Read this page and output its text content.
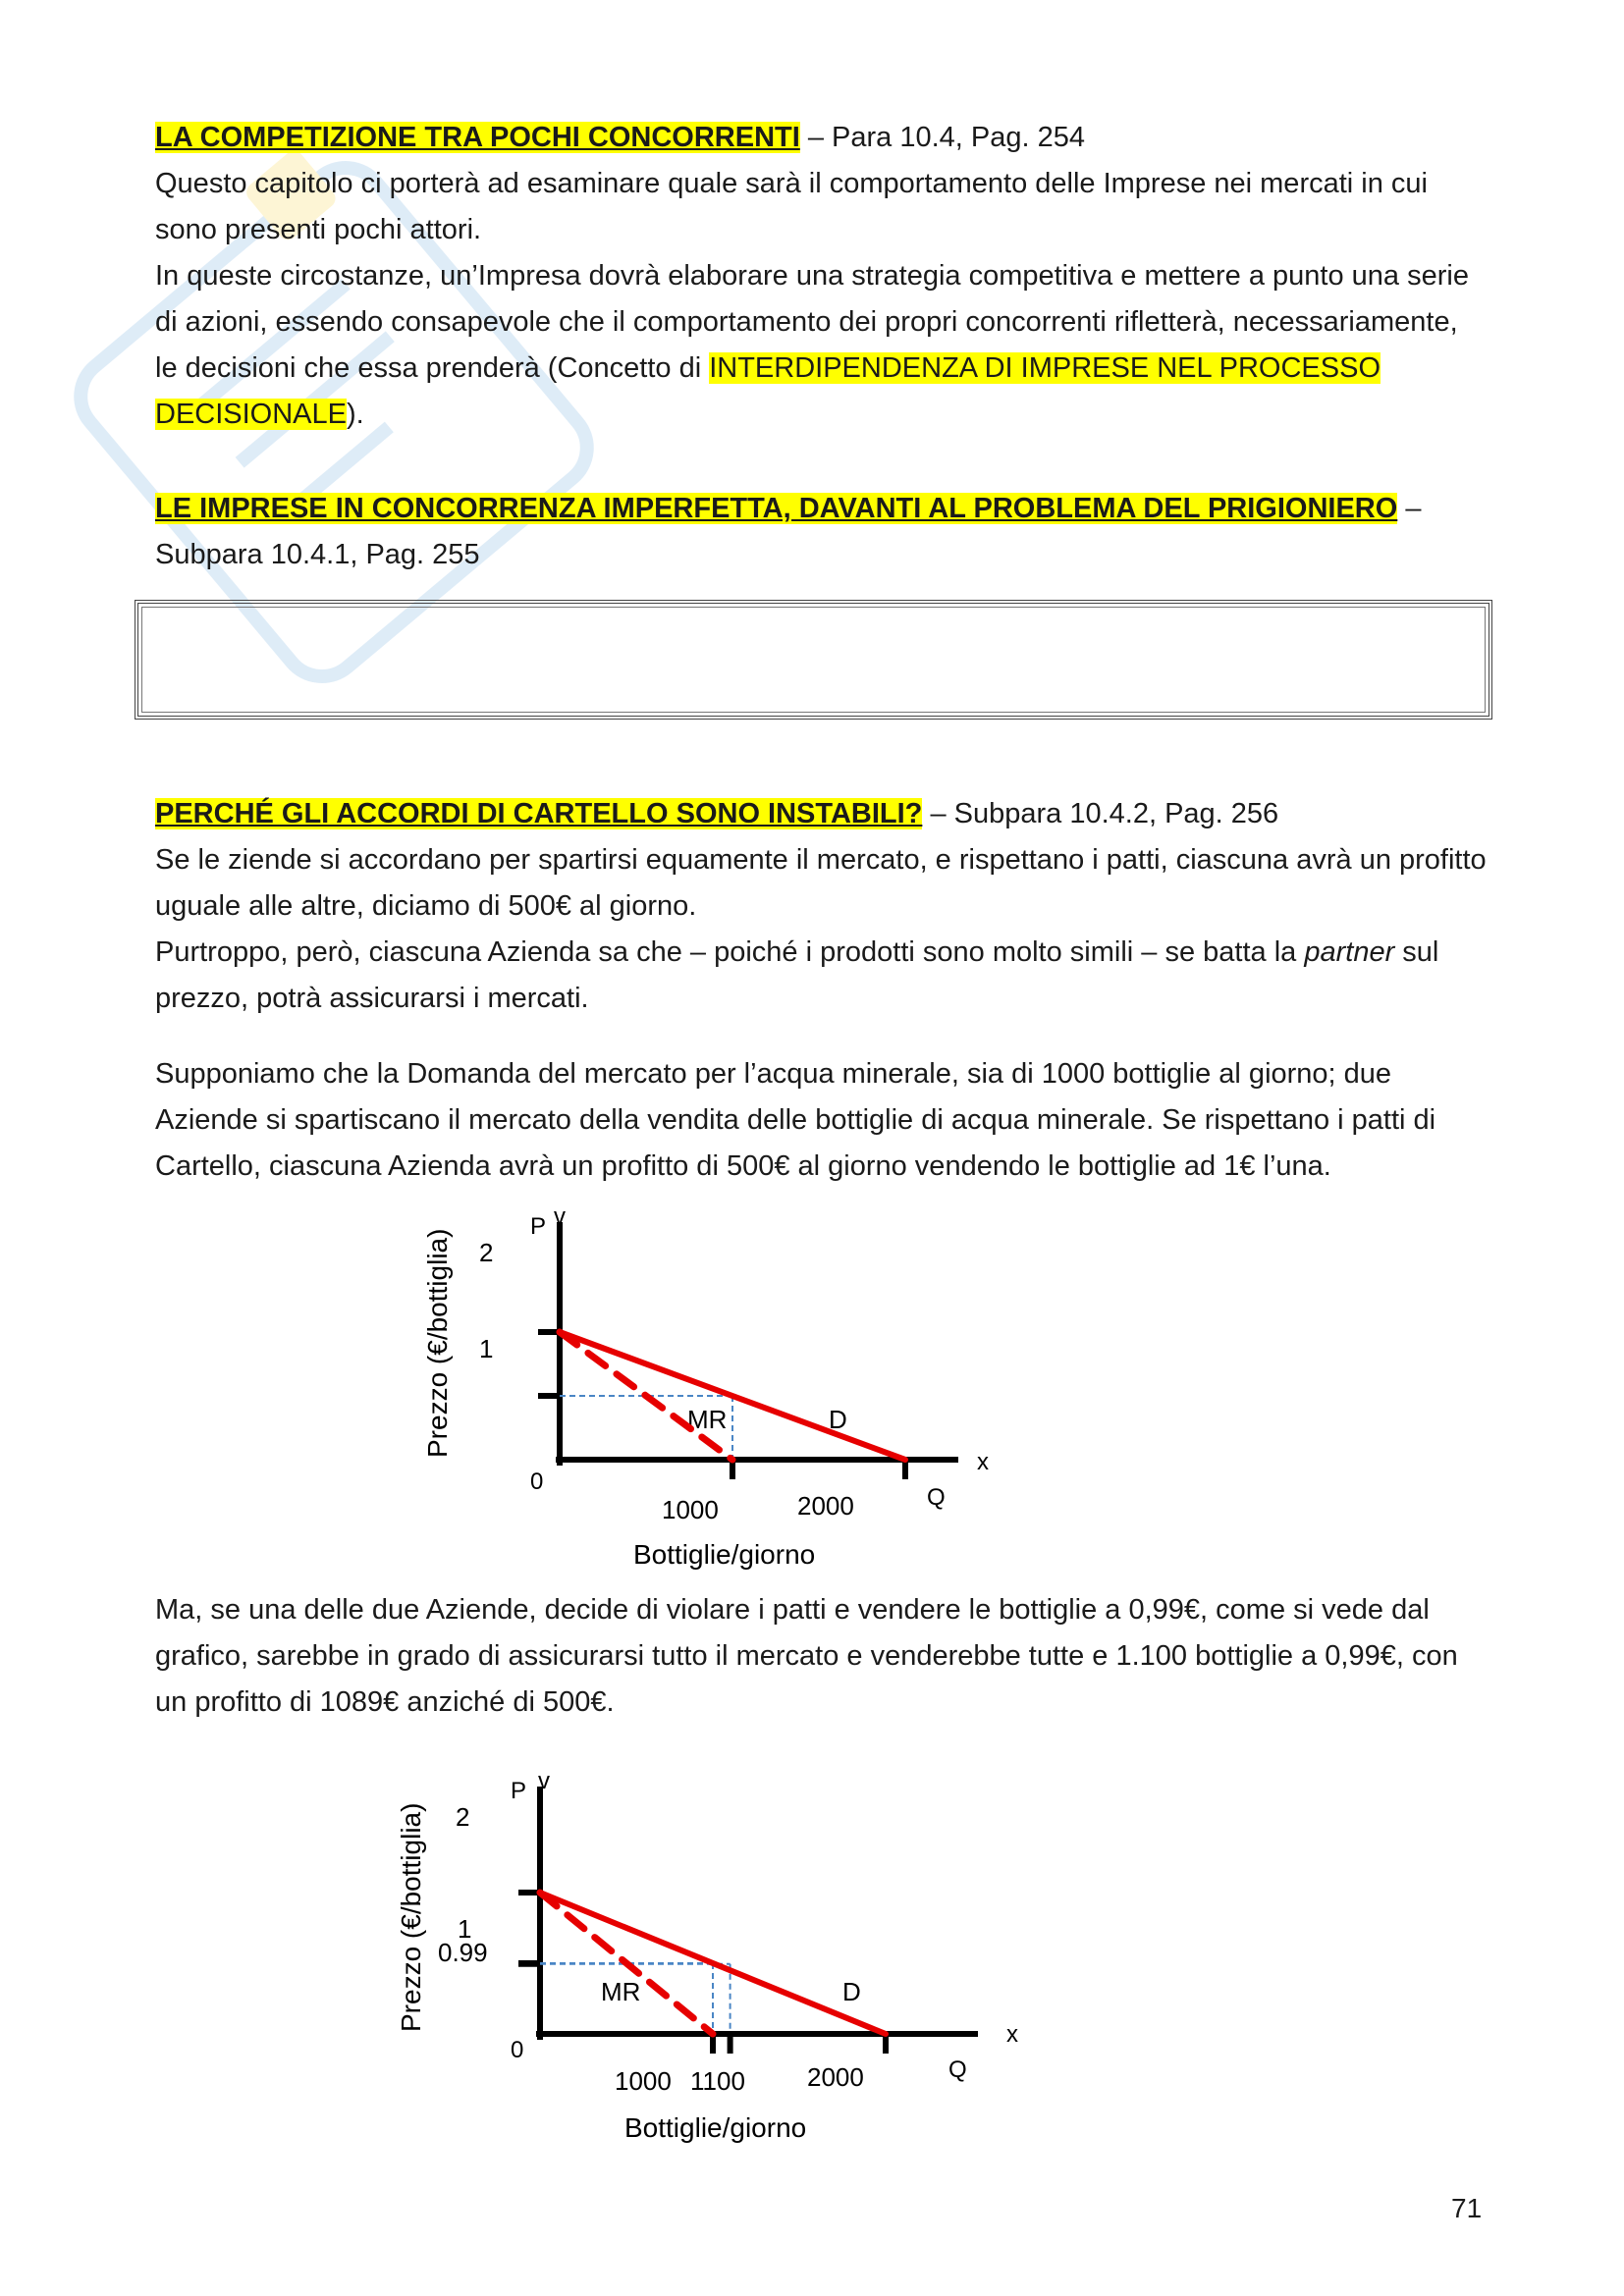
LA COMPETIZIONE TRA POCHI CONCORRENTI – Para 10.4, Pag. 254

Questo capitolo ci porterà ad esaminare quale sarà il comportamento delle Imprese nei mercati in cui sono presenti pochi attori.

In queste circostanze, un’Impresa dovrà elaborare una strategia competitiva e mettere a punto una serie di azioni, essendo consapevole che il comportamento dei propri concorrenti rifletterà, necessariamente, le decisioni che essa prenderà (Concetto di INTERDIPENDENZA DI IMPRESE NEL PROCESSO DECISIONALE).

LE IMPRESE IN CONCORRENZA IMPERFETTA, DAVANTI AL PROBLEMA DEL PRIGIONIERO – Subpara 10.4.1, Pag. 255

PERCHÉ GLI ACCORDI DI CARTELLO SONO INSTABILI? – Subpara 10.4.2, Pag. 256

Se le ziende si accordano per spartirsi equamente il mercato, e rispettano i patti, ciascuna avrà un profitto uguale alle altre, diciamo di 500€ al giorno.

Purtroppo, però, ciascuna Azienda sa che – poiché i prodotti sono molto simili – se batta la partner sul prezzo, potrà assicurarsi i mercati.

Supponiamo che la Domanda del mercato per l’acqua minerale, sia di 1000 bottiglie al giorno; due Aziende si spartiscano il mercato della vendita delle bottiglie di acqua minerale. Se rispettano i patti di Cartello, ciascuna Azienda avrà un profitto di 500€ al giorno vendendo le bottiglie ad 1€ l’una.

Prezzo (€/bottiglia)
P v
x
Q
0
2
1
1000	2000
Bottiglie/giorno
MR	D

Ma, se una delle due Aziende, decide di violare i patti e vendere le bottiglie a 0,99€, come si vede dal grafico, sarebbe in grado di assicurarsi tutto il mercato e venderebbe tutte e 1.100 bottiglie a 0,99€, con un profitto di 1089€ anziché di 500€.

Prezzo (€/bottiglia)
P v
x
Q
0
2
1
0.99
1000 1100 2000
Bottiglie/giorno
MR	D
71
